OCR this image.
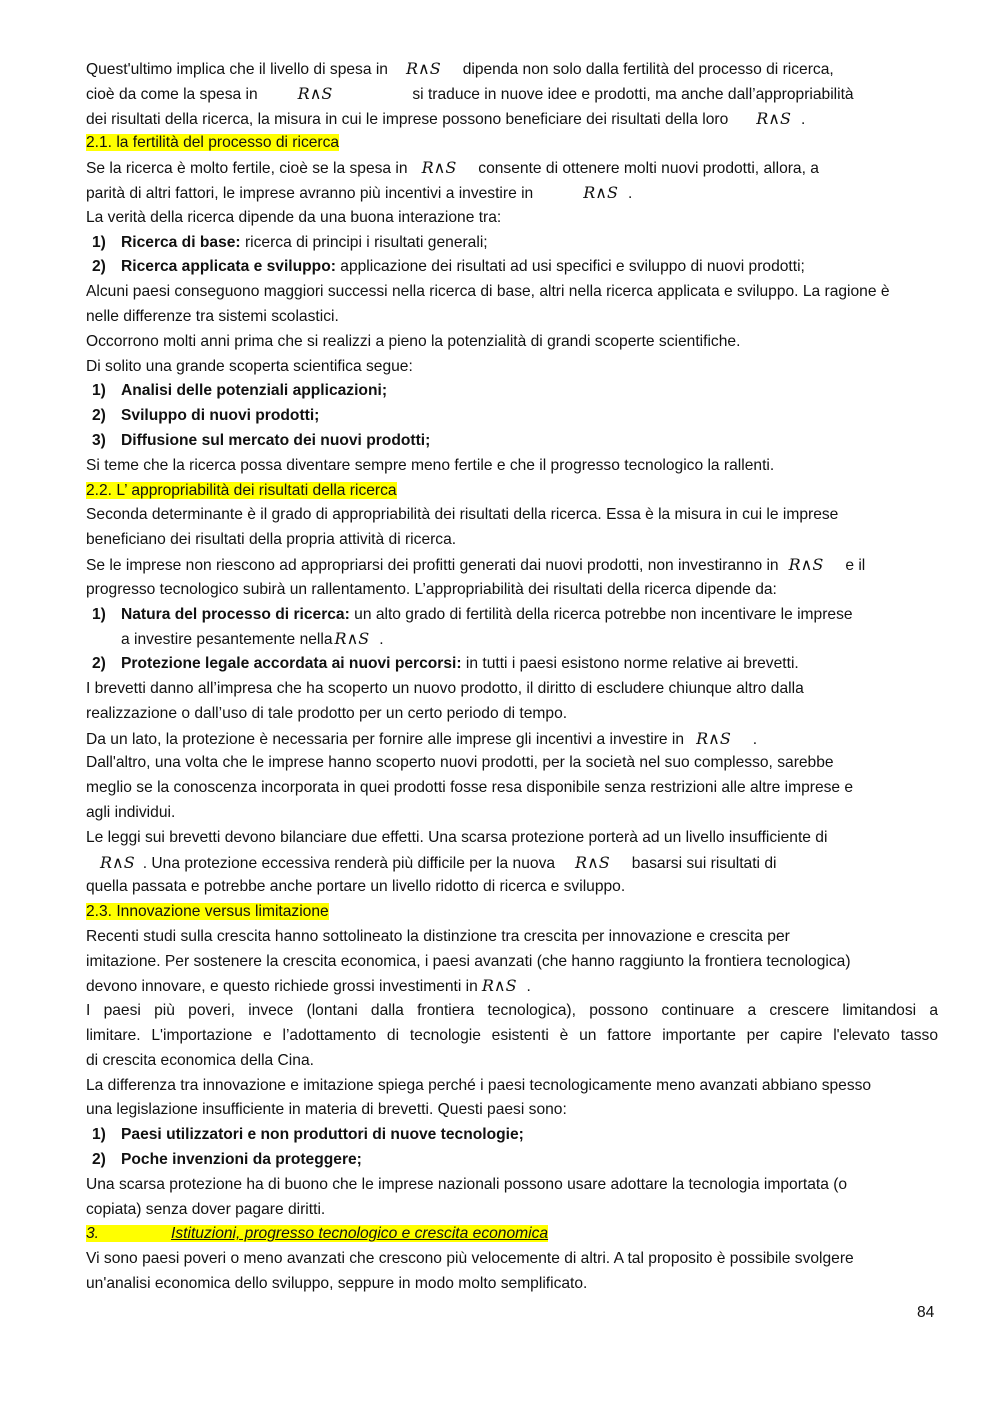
Quest'ultimo implica che il livello di spesa in R∧S dipenda non solo dalla fertilità del processo di ricerca,
cioè da come la spesa in	R∧S	si traduce in nuove idee e prodotti, ma anche dall’appropriabilità
dei risultati della ricerca, la misura in cui le imprese possono beneficiare dei risultati della loro R∧S .
2.1. la fertilità del processo di ricerca
Se la ricerca è molto fertile, cioè se la spesa in R∧S consente di ottenere molti nuovi prodotti, allora, a
parità di altri fattori, le imprese avranno più incentivi a investire in	R∧S .
La verità della ricerca dipende da una buona interazione tra:
1) Ricerca di base: ricerca di principi i risultati generali;
2) Ricerca applicata e sviluppo: applicazione dei risultati ad usi specifici e sviluppo di nuovi prodotti;
Alcuni paesi conseguono maggiori successi nella ricerca di base, altri nella ricerca applicata e sviluppo. La ragione è
nelle differenze tra sistemi scolastici.
Occorrono molti anni prima che si realizzi a pieno la potenzialità di grandi scoperte scientifiche.
Di solito una grande scoperta scientifica segue:
1) Analisi delle potenziali applicazioni;
2) Sviluppo di nuovi prodotti;
3) Diffusione sul mercato dei nuovi prodotti;
Si teme che la ricerca possa diventare sempre meno fertile e che il progresso tecnologico la rallenti.
2.2. L’ appropriabilità dei risultati della ricerca
Seconda determinante è il grado di appropriabilità dei risultati della ricerca. Essa è la misura in cui le imprese
beneficiano dei risultati della propria attività di ricerca.
Se le imprese non riescono ad appropriarsi dei profitti generati dai nuovi prodotti, non investiranno in R∧S e il
progresso tecnologico subirà un rallentamento. L’appropriabilità dei risultati della ricerca dipende da:
1) Natura del processo di ricerca: un alto grado di fertilità della ricerca potrebbe non incentivare le imprese
a investire pesantemente nella R∧S .
2) Protezione legale accordata ai nuovi percorsi: in tutti i paesi esistono norme relative ai brevetti.
I brevetti danno all’impresa che ha scoperto un nuovo prodotto, il diritto di escludere chiunque altro dalla
realizzazione o dall’uso di tale prodotto per un certo periodo di tempo.
Da un lato, la protezione è necessaria per fornire alle imprese gli incentivi a investire in R∧S .
Dall'altro, una volta che le imprese hanno scoperto nuovi prodotti, per la società nel suo complesso, sarebbe
meglio se la conoscenza incorporata in quei prodotti fosse resa disponibile senza restrizioni alle altre imprese e
agli individui.
Le leggi sui brevetti devono bilanciare due effetti. Una scarsa protezione porterà ad un livello insufficiente di
R∧S . Una protezione eccessiva renderà più difficile per la nuova R∧S basarsi sui risultati di
quella passata e potrebbe anche portare un livello ridotto di ricerca e sviluppo.
2.3. Innovazione versus limitazione
Recenti studi sulla crescita hanno sottolineato la distinzione tra crescita per innovazione e crescita per
imitazione. Per sostenere la crescita economica, i paesi avanzati (che hanno raggiunto la frontiera tecnologica)
devono innovare, e questo richiede grossi investimenti in R∧S .
I paesi più poveri, invece (lontani dalla frontiera tecnologica), possono continuare a crescere limitandosi a
limitare. L'importazione e l’adottamento di tecnologie esistenti è un fattore importante per capire l'elevato tasso
di crescita economica della Cina.
La differenza tra innovazione e imitazione spiega perché i paesi tecnologicamente meno avanzati abbiano spesso
una legislazione insufficiente in materia di brevetti. Questi paesi sono:
1) Paesi utilizzatori e non produttori di nuove tecnologie;
2) Poche invenzioni da proteggere;
Una scarsa protezione ha di buono che le imprese nazionali possono usare adottare la tecnologia importata (o
copiata) senza dover pagare diritti.
3.	Istituzioni, progresso tecnologico e crescita economica
Vi sono paesi poveri o meno avanzati che crescono più velocemente di altri. A tal proposito è possibile svolgere
un'analisi economica dello sviluppo, seppure in modo molto semplificato.
84
